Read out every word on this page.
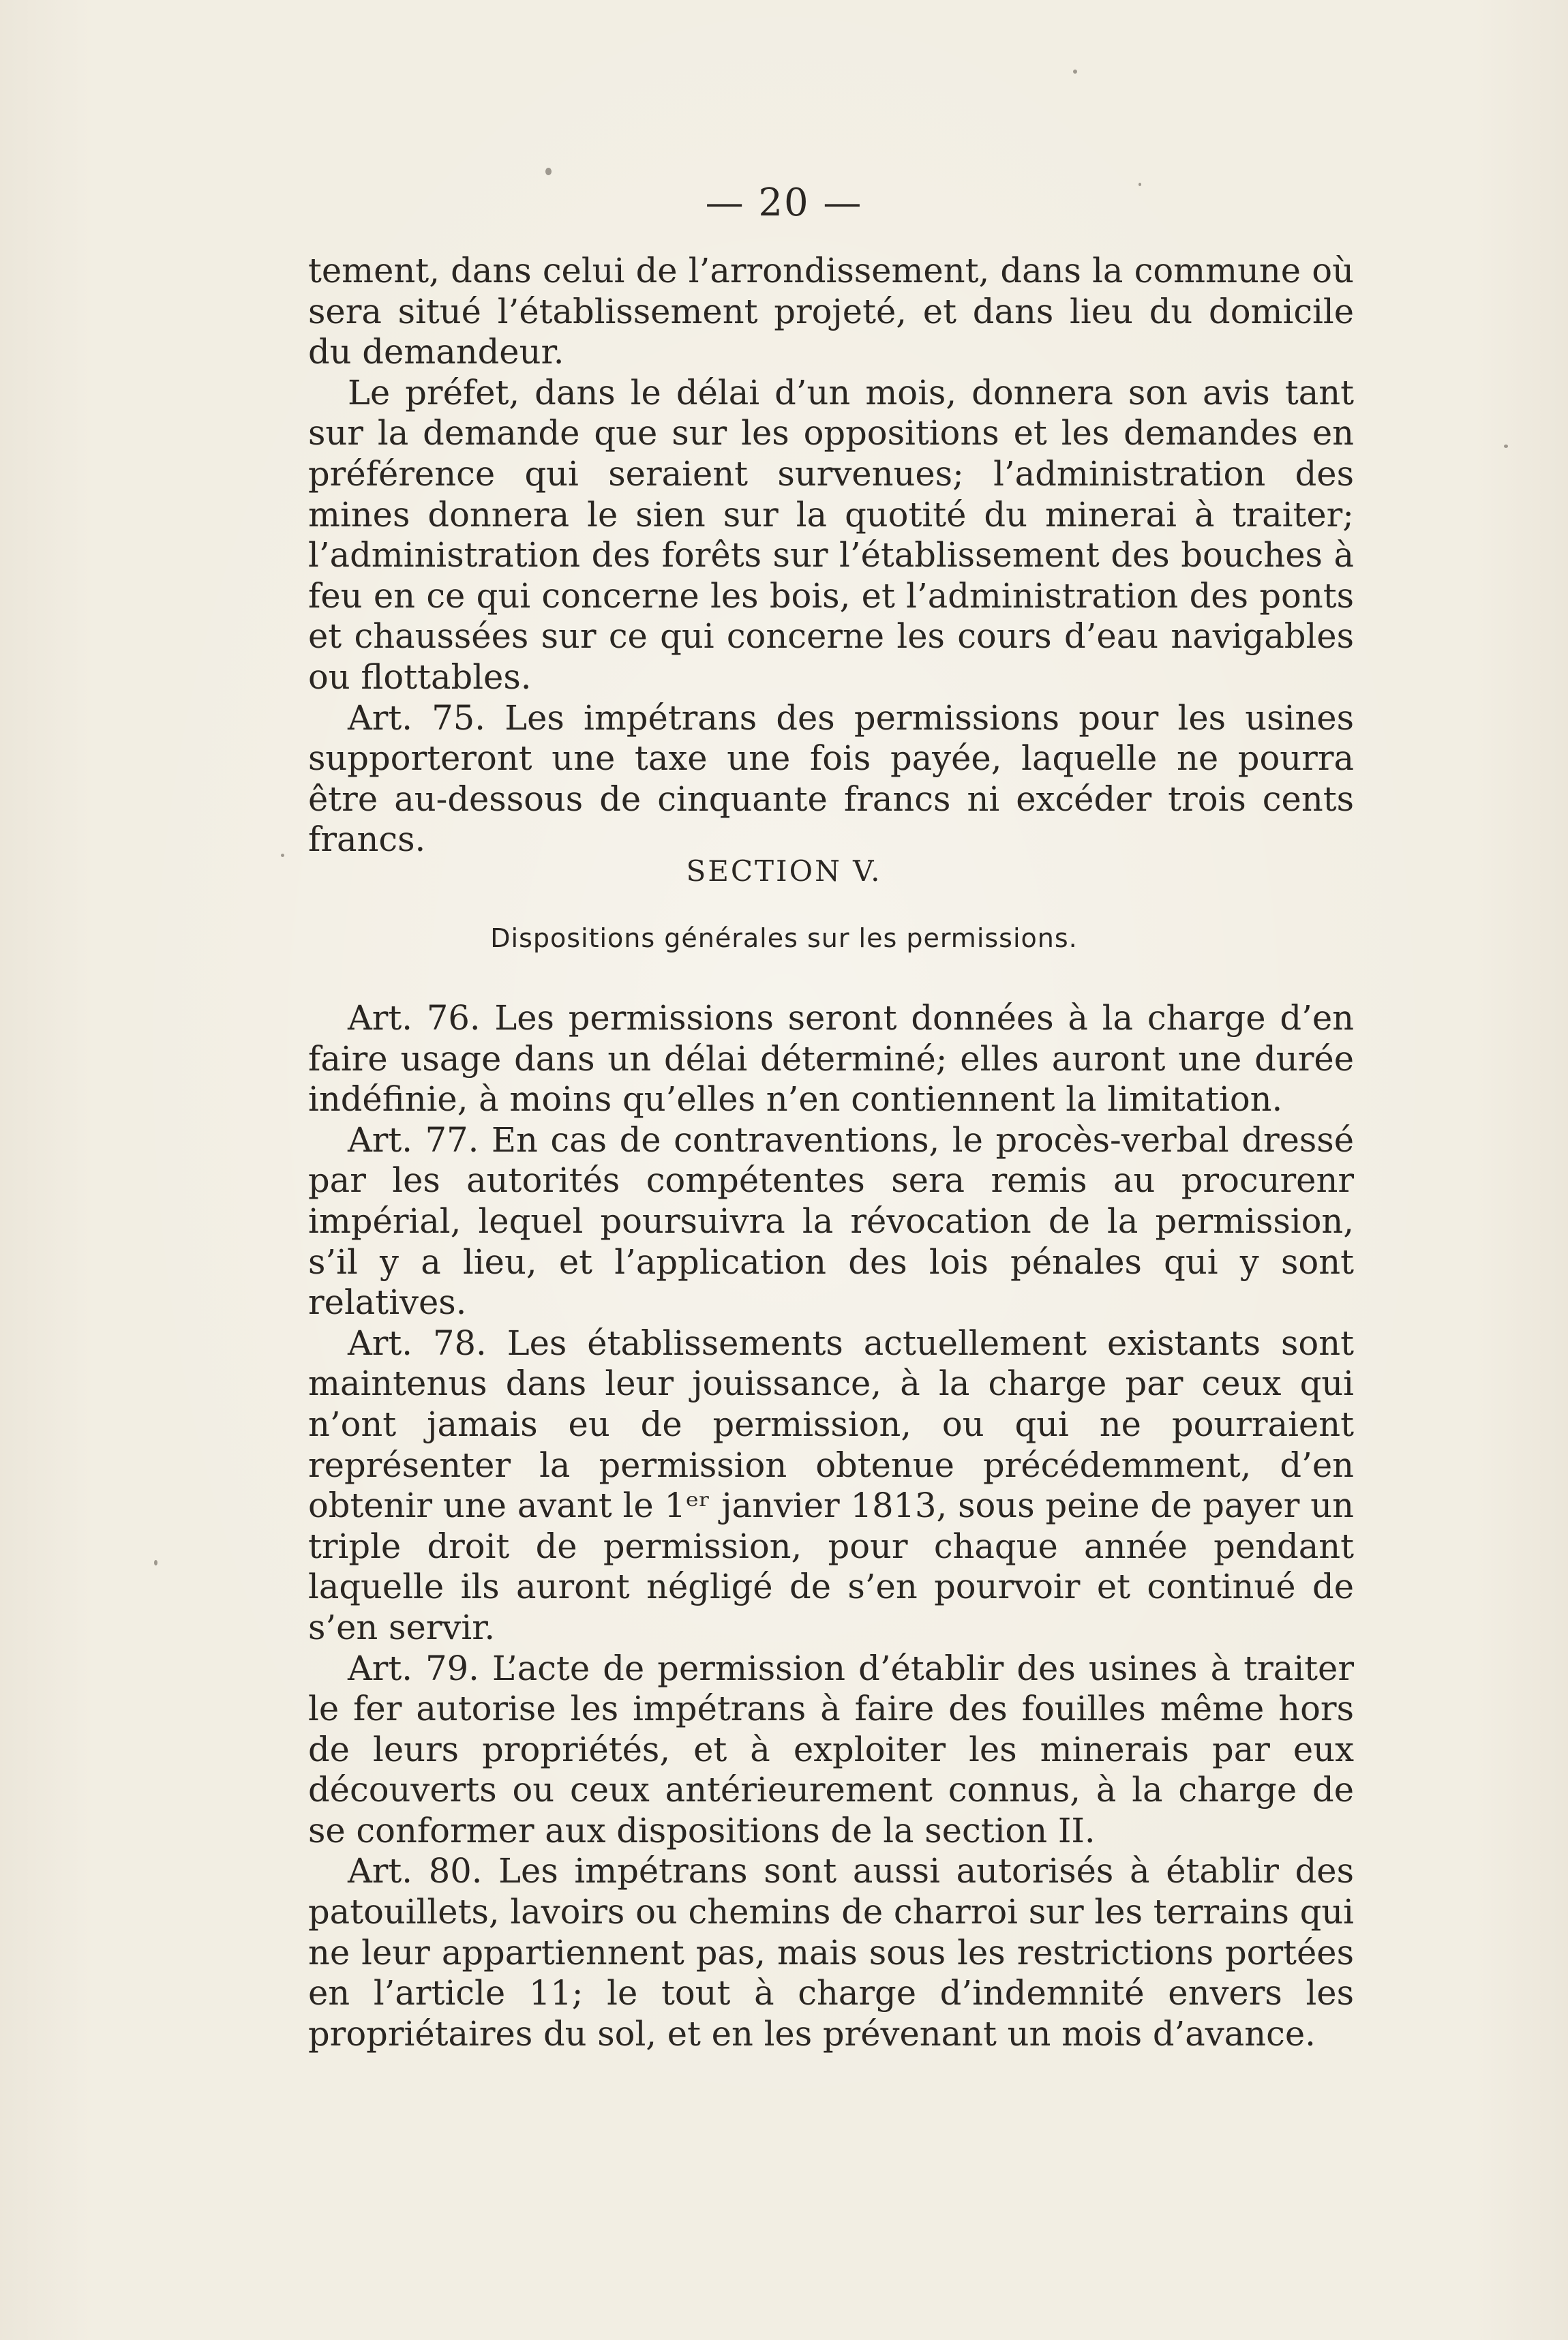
— 20 —

tement, dans celui de l’arrondissement, dans la commune où sera situé l’établissement projeté, et dans lieu du domicile du demandeur.

Le préfet, dans le délai d’un mois, donnera son avis tant sur la demande que sur les oppositions et les demandes en préférence qui seraient survenues; l’administration des mines donnera le sien sur la quotité du minerai à traiter; l’administration des forêts sur l’établissement des bouches à feu en ce qui concerne les bois, et l’administration des ponts et chaussées sur ce qui concerne les cours d’eau navigables ou flottables.

Art. 75. Les impétrans des permissions pour les usines supporteront une taxe une fois payée, laquelle ne pourra être au-dessous de cinquante francs ni excéder trois cents francs.

SECTION V.
Dispositions générales sur les permissions.

Art. 76. Les permissions seront données à la charge d’en faire usage dans un délai déterminé; elles auront une durée indéfinie, à moins qu’elles n’en contiennent la limitation.

Art. 77. En cas de contraventions, le procès-verbal dressé par les autorités compétentes sera remis au procurenr impérial, lequel poursuivra la révocation de la permission, s’il y a lieu, et l’application des lois pénales qui y sont relatives.

Art. 78. Les établissements actuellement existants sont maintenus dans leur jouissance, à la charge par ceux qui n’ont jamais eu de permission, ou qui ne pourraient représenter la permission obtenue précédemment, d’en obtenir une avant le 1ᵉʳ janvier 1813, sous peine de payer un triple droit de permission, pour chaque année pendant laquelle ils auront négligé de s’en pourvoir et continué de s’en servir.

Art. 79. L’acte de permission d’établir des usines à traiter le fer autorise les impétrans à faire des fouilles même hors de leurs propriétés, et à exploiter les minerais par eux découverts ou ceux antérieurement connus, à la charge de se conformer aux dispositions de la section II.

Art. 80. Les impétrans sont aussi autorisés à établir des patouillets, lavoirs ou chemins de charroi sur les terrains qui ne leur appartiennent pas, mais sous les restrictions portées en l’article 11; le tout à charge d’indemnité envers les propriétaires du sol, et en les prévenant un mois d’avance.
